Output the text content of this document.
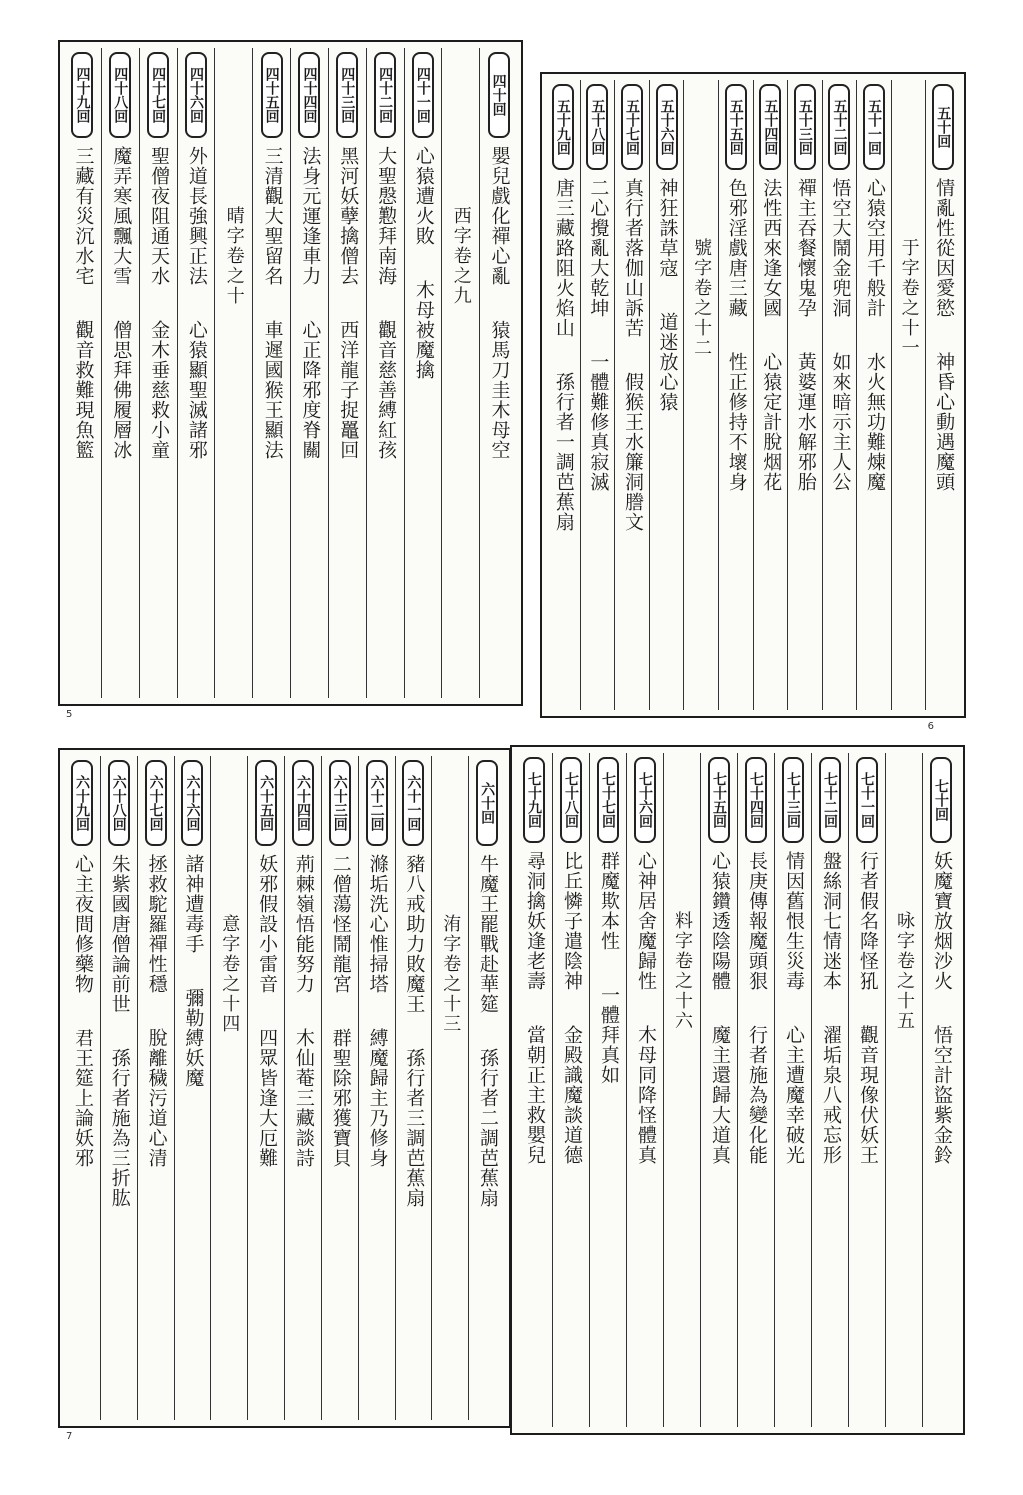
四十回
嬰兒戲化禪心亂
猿馬刀圭木母空
西字卷之九
四十一回
心猿遭火敗
木母被魔擒
四十二回
大聖慇懃拜南海
觀音慈善縛紅孩
四十三回
黑河妖孽擒僧去
西洋龍子捉鼉回
四十四回
法身元運逢車力
心正降邪度脊關
四十五回
三清觀大聖留名
車遲國猴王顯法
晴字卷之十
四十六回
外道長強興正法
心猿顯聖滅諸邪
四十七回
聖僧夜阻通天水
金木垂慈救小童
四十八回
魔弄寒風飄大雪
僧思拜佛履層冰
四十九回
三藏有災沉水宅
觀音救難現魚籃
5
五十回
情亂性從因愛慾
神昏心動遇魔頭
于字卷之十一
五十一回
心猿空用千般計
水火無功難煉魔
五十二回
悟空大鬧金兜洞
如來暗示主人公
五十三回
禪主吞餐懷鬼孕
黃婆運水解邪胎
五十四回
法性西來逢女國
心猿定計脫烟花
五十五回
色邪淫戲唐三藏
性正修持不壞身
號字卷之十二
五十六回
神狂誅草寇
道迷放心猿
五十七回
真行者落伽山訴苦
假猴王水簾洞謄文
五十八回
二心攪亂大乾坤
一體難修真寂滅
五十九回
唐三藏路阻火焰山
孫行者一調芭蕉扇
6
六十回
牛魔王罷戰赴華筵
孫行者二調芭蕉扇
洧字卷之十三
六十一回
豬八戒助力敗魔王
孫行者三調芭蕉扇
六十二回
滌垢洗心惟掃塔
縛魔歸主乃修身
六十三回
二僧蕩怪鬧龍宮
群聖除邪獲寶貝
六十四回
荊棘嶺悟能努力
木仙菴三藏談詩
六十五回
妖邪假設小雷音
四眾皆逢大厄難
意字卷之十四
六十六回
諸神遭毒手
彌勒縛妖魔
六十七回
拯救駝羅禪性穩
脫離穢污道心清
六十八回
朱紫國唐僧論前世
孫行者施為三折肱
六十九回
心主夜間修藥物
君王筵上論妖邪
7
七十回
妖魔寶放烟沙火
悟空計盜紫金鈴
咏字卷之十五
七十一回
行者假名降怪犼
觀音現像伏妖王
七十二回
盤絲洞七情迷本
濯垢泉八戒忘形
七十三回
情因舊恨生災毒
心主遭魔幸破光
七十四回
長庚傳報魔頭狠
行者施為變化能
七十五回
心猿鑽透陰陽體
魔主還歸大道真
料字卷之十六
七十六回
心神居舍魔歸性
木母同降怪體真
七十七回
群魔欺本性
一體拜真如
七十八回
比丘憐子遣陰神
金殿識魔談道德
七十九回
尋洞擒妖逢老壽
當朝正主救嬰兒
